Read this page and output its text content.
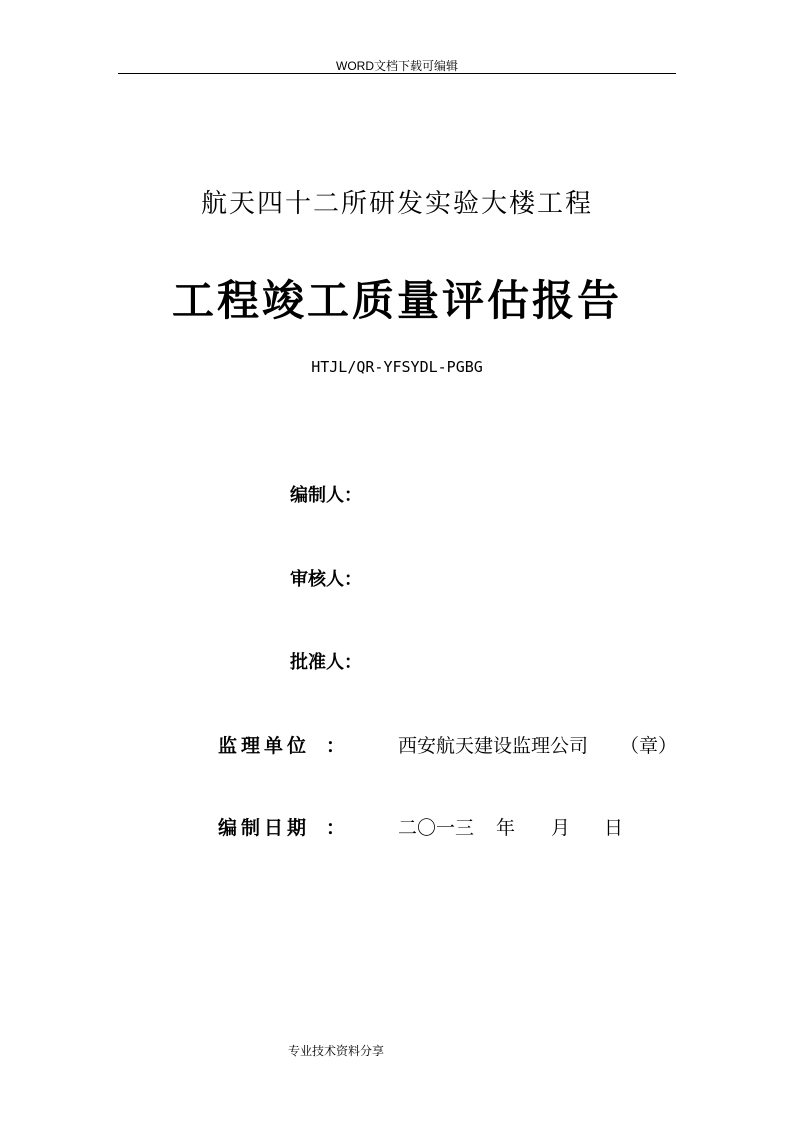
WORD文档下载可编辑
航天四十二所研发实验大楼工程
工程竣工质量评估报告
HTJL/QR-YFSYDL-PGBG
编制人：
审核人：
批准人：

监理单位

：

	西安航天建设监理公司

（章）

编制日期

：

	二〇一三

年

月

日

专业技术资料分享
